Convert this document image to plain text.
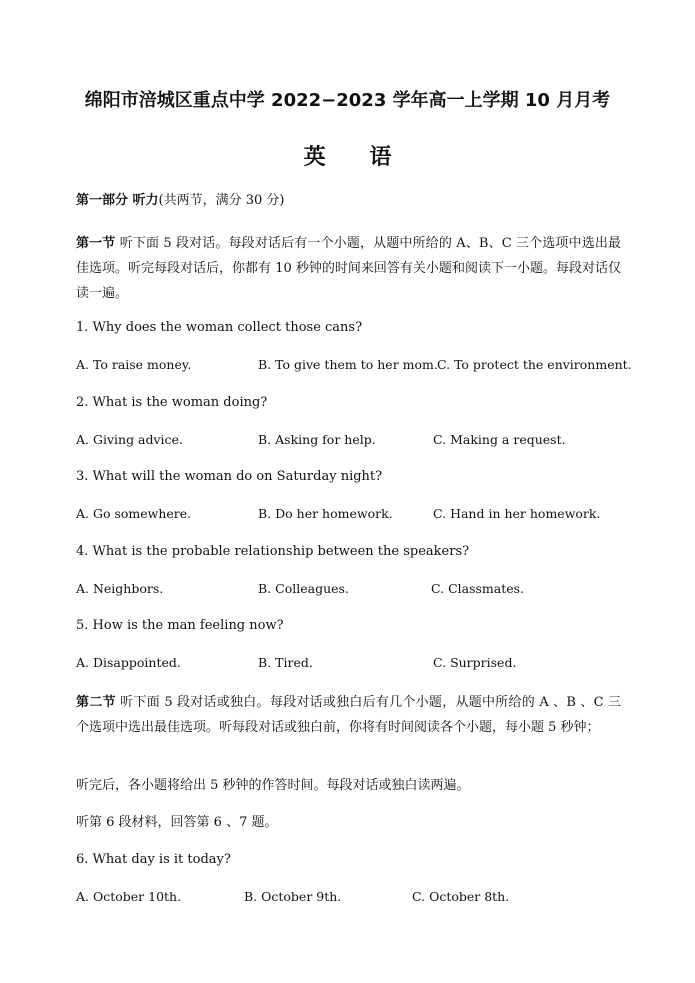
绵阳市涪城区重点中学 2022−2023 学年高一上学期 10 月月考
英 语
第一部分 听力(共两节，满分 30 分)
第一节 听下面 5 段对话。每段对话后有一个小题，从题中所给的 A、B、C 三个选项中选出最佳选项。听完每段对话后，你都有 10 秒钟的时间来回答有关小题和阅读下一小题。每段对话仅读一遍。
1. Why does the woman collect those cans?
A. To raise money.	B. To give them to her mom. C. To protect the environment.
2. What is the woman doing?
A. Giving advice.	B. Asking for help.	C. Making a request.
3. What will the woman do on Saturday night?
A. Go somewhere.	B. Do her homework.	C. Hand in her homework.
4. What is the probable relationship between the speakers?
A. Neighbors.	B. Colleagues.	C. Classmates.
5. How is the man feeling now?
A. Disappointed.	B. Tired.	C. Surprised.
第二节 听下面 5 段对话或独白。每段对话或独白后有几个小题，从题中所给的 A 、B 、C 三个选项中选出最佳选项。听每段对话或独白前，你将有时间阅读各个小题，每小题 5 秒钟；
听完后，各小题将给出 5 秒钟的作答时间。每段对话或独白读两遍。
听第 6 段材料，回答第 6 、7 题。
6. What day is it today?
A. October 10th.	B. October 9th.	C. October 8th.
